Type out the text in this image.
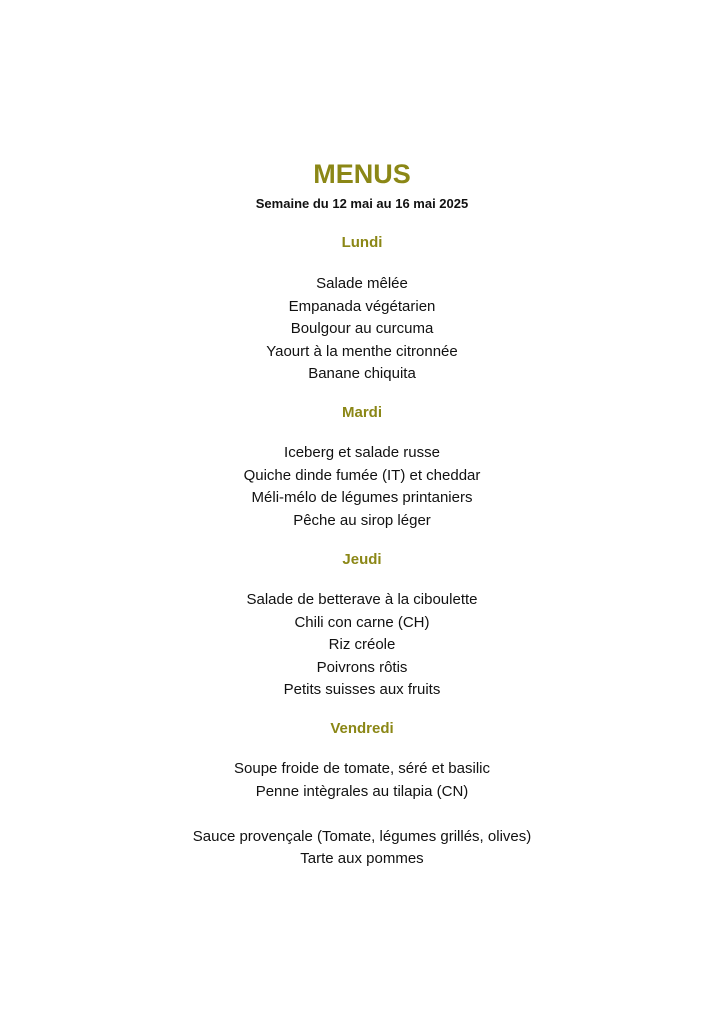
MENUS
Semaine du 12 mai au 16 mai 2025
Lundi
Salade mêlée
Empanada végétarien
Boulgour au curcuma
Yaourt à la menthe citronnée
Banane chiquita
Mardi
Iceberg et salade russe
Quiche dinde fumée (IT) et cheddar
Méli-mélo de légumes printaniers
Pêche au sirop léger
Jeudi
Salade de betterave à la ciboulette
Chili con carne (CH)
Riz créole
Poivrons rôtis
Petits suisses aux fruits
Vendredi
Soupe froide de tomate, séré et basilic
Penne intègrales au tilapia (CN)
Sauce provençale (Tomate, légumes grillés, olives)
Tarte aux pommes
